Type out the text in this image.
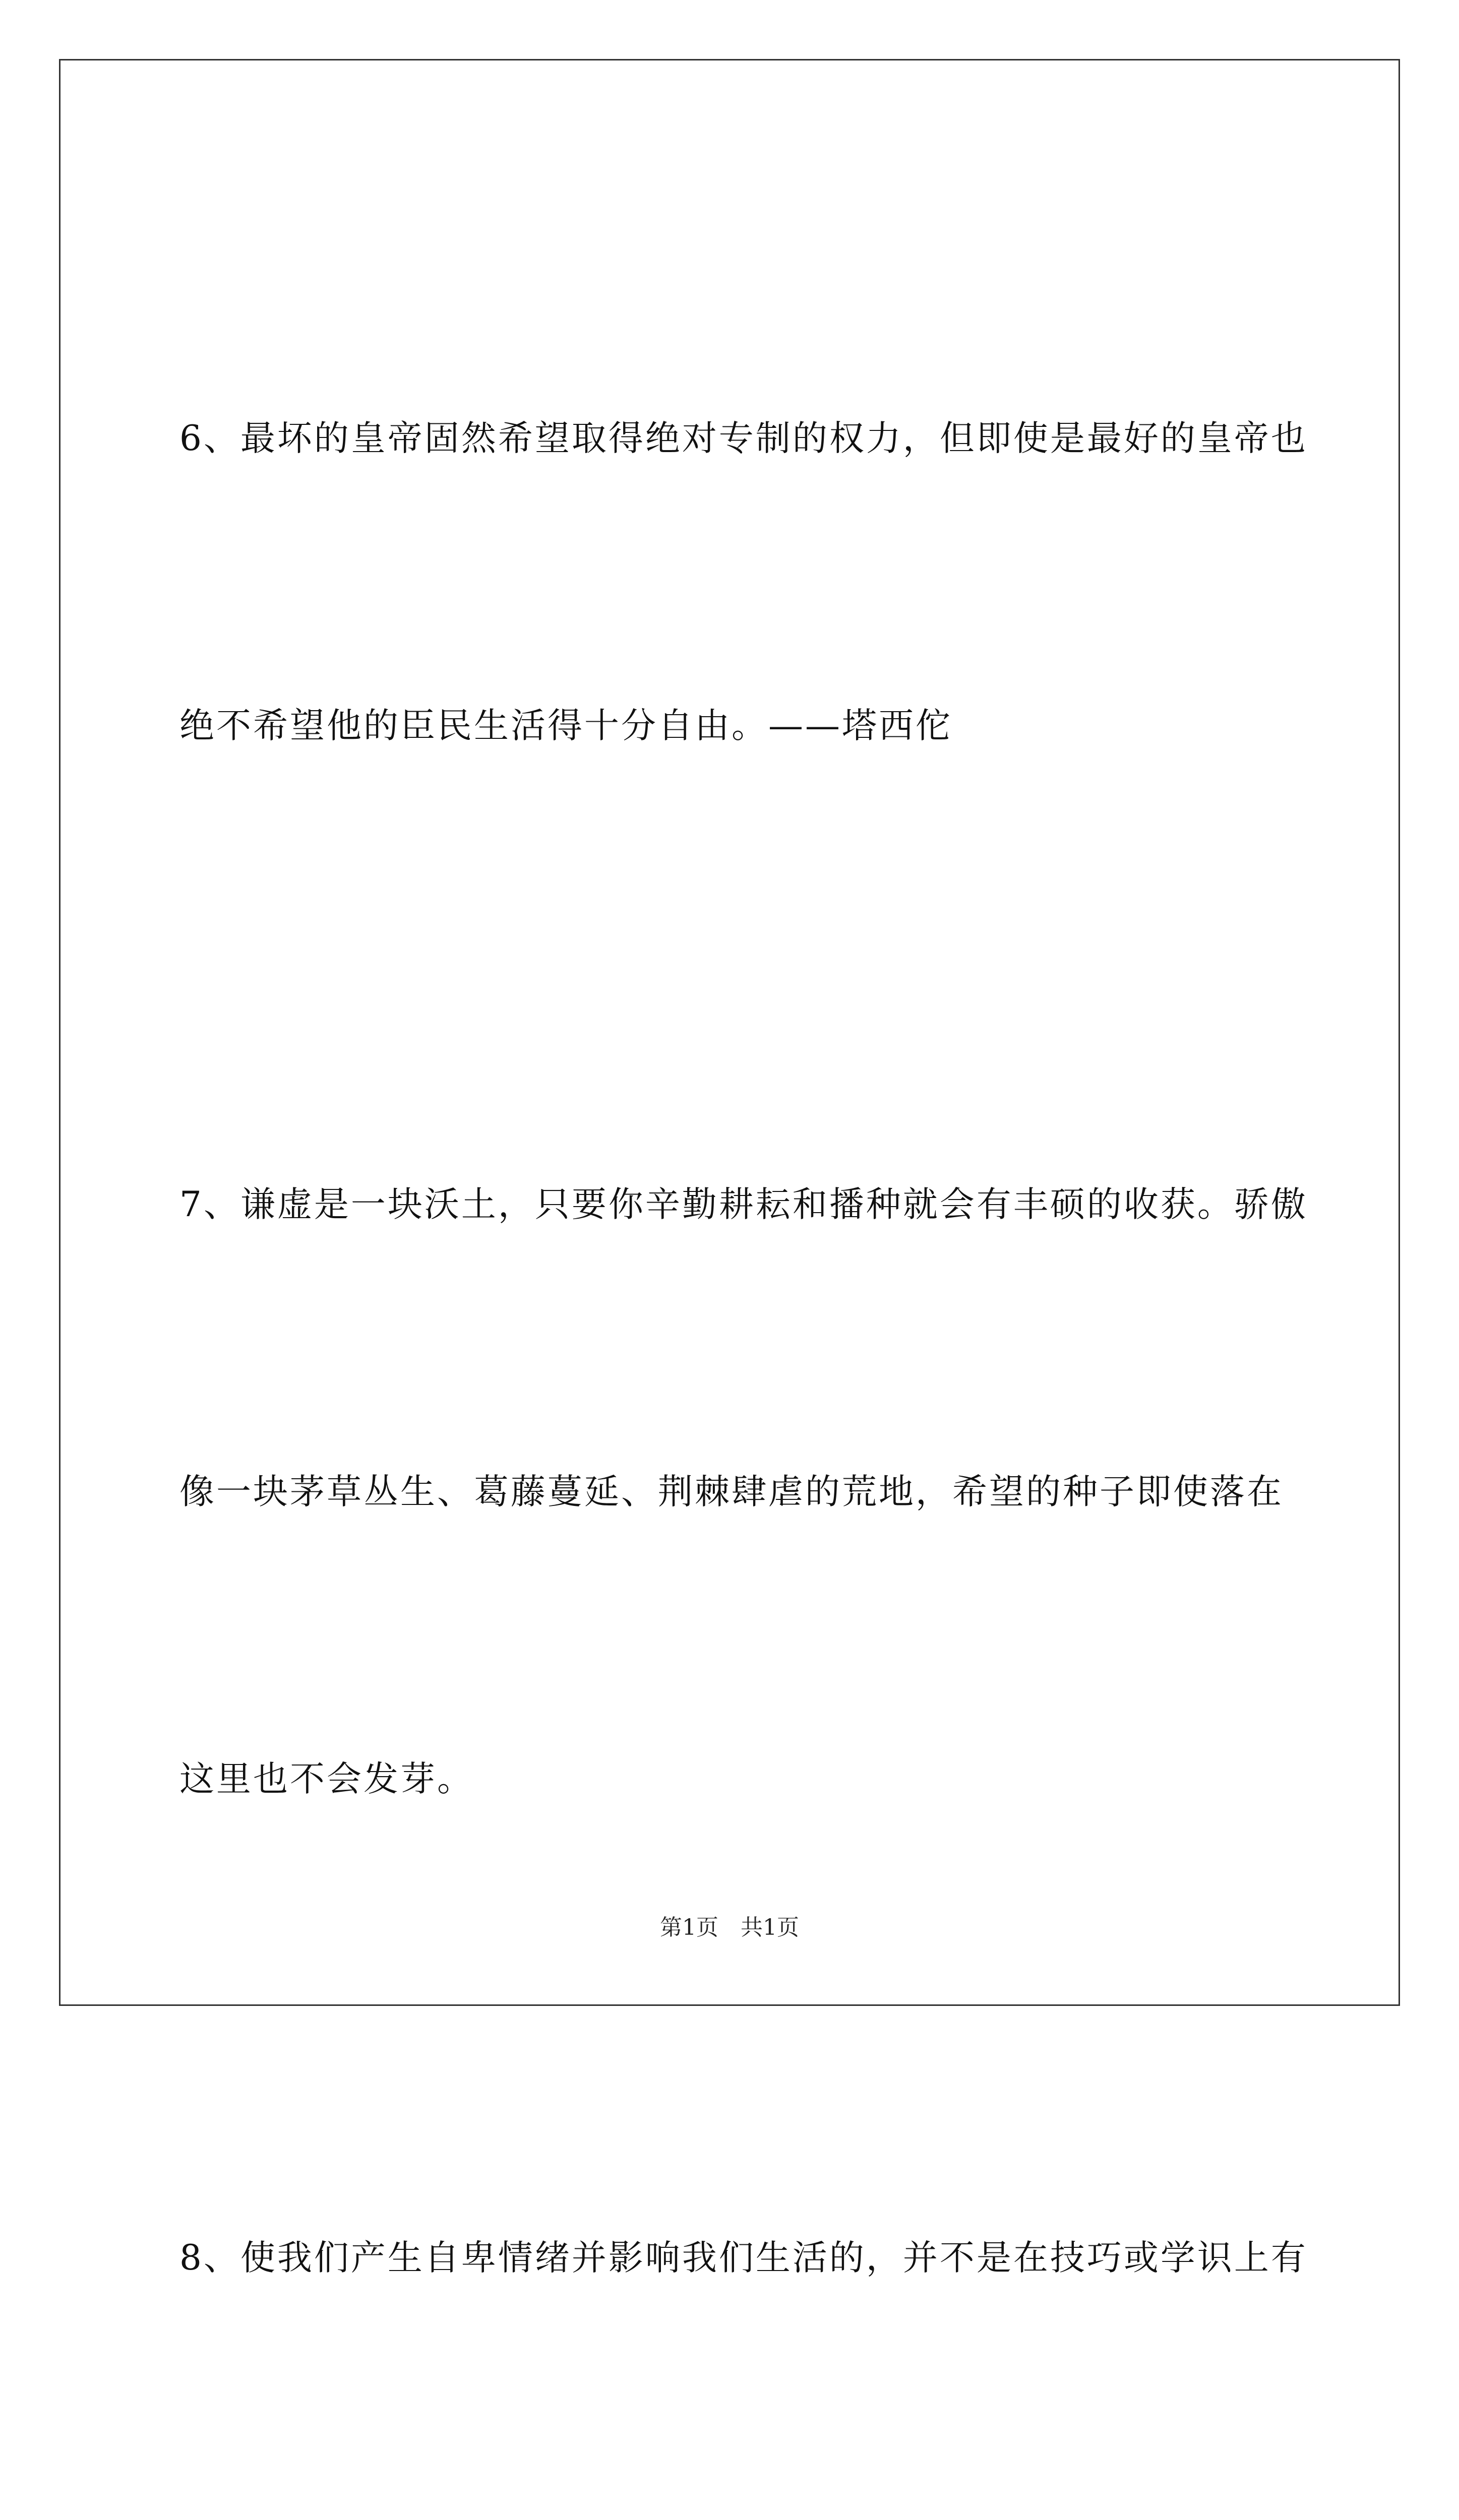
6、最坏的皇帝固然希望取得绝对专制的权力，但即使是最好的皇帝也

绝不希望他的臣民生活得十分自由。——塔西佗

7、谦虚是一块沃土，只要你辛勤耕耘和播种就会有丰硕的收获。骄傲

像一块茅草丛生、葛藤蔓延、荆棘肆虐的荒地，希望的种子即使落在

这里也不会发芽。

8、使我们产生自卑情绪并影响我们生活的，并不是在技巧或学识上有

第1页　共1页
